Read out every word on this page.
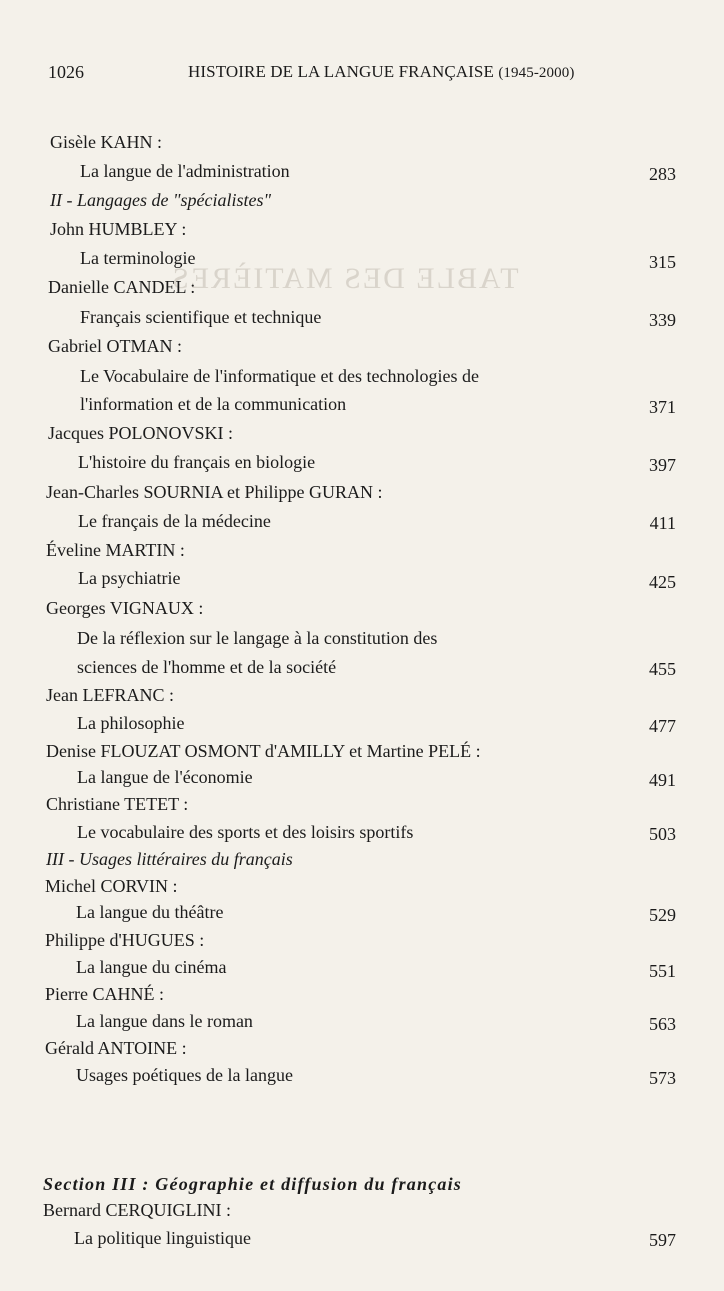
TABLE DES MATIÈRES
1026	HISTOIRE DE LA LANGUE FRANÇAISE (1945-2000)
Gisèle KAHN :
La langue de l'administration	283
II - Langages de "spécialistes"
John HUMBLEY :
La terminologie	315
Danielle CANDEL :
Français scientifique et technique	339
Gabriel OTMAN :
Le Vocabulaire de l'informatique et des technologies de
l'information et de la communication	371
Jacques POLONOVSKI :
L'histoire du français en biologie	397
Jean-Charles SOURNIA et Philippe GURAN :
Le français de la médecine	411
Éveline MARTIN :
La psychiatrie	425
Georges VIGNAUX :
De la réflexion sur le langage à la constitution des
sciences de l'homme et de la société	455
Jean LEFRANC :
La philosophie	477
Denise FLOUZAT OSMONT d'AMILLY et Martine PELÉ :
La langue de l'économie	491
Christiane TETET :
Le vocabulaire des sports et des loisirs sportifs	503
III - Usages littéraires du français
Michel CORVIN :
La langue du théâtre	529
Philippe d'HUGUES :
La langue du cinéma	551
Pierre CAHNÉ :
La langue dans le roman	563
Gérald ANTOINE :
Usages poétiques de la langue	573
Section III : Géographie et diffusion du français
Bernard CERQUIGLINI :
La politique linguistique	597
